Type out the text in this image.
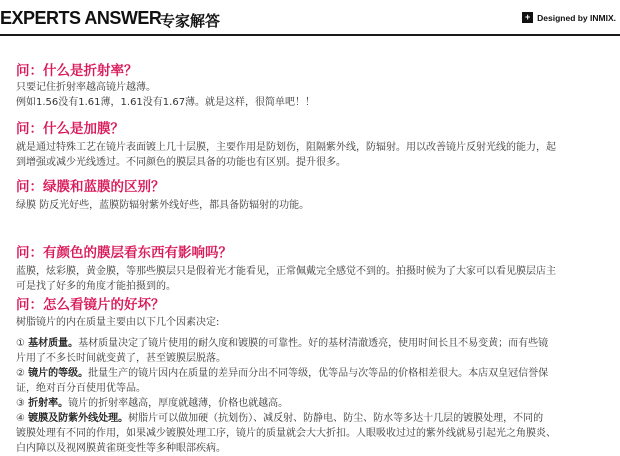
EXPERTS ANSWER
专家解答	+ Designed by INMIX.

问：什么是折射率？

只要记住折射率越高镜片越薄。

例如1.56没有1.61薄，1.61没有1.67薄。就是这样，很简单吧！！

问：什么是加膜？

就是通过特殊工艺在镜片表面镀上几十层膜，主要作用是防划伤，阻隔紫外线，防辐射。用以改善镜片反射光线的能力，起

到增强或减少光线透过。不同颜色的膜层具备的功能也有区别。提升很多。

问：绿膜和蓝膜的区别？

绿膜 防反光好些，蓝膜防辐射紫外线好些，都具备防辐射的功能。

问：有颜色的膜层看东西有影响吗？

蓝膜，炫彩膜，黄金膜，等那些膜层只是假着光才能看见，正常佩戴完全感觉不到的。拍摄时候为了大家可以看见膜层店主

可是找了好多的角度才能拍摄到的。

问：怎么看镜片的好坏？

树脂镜片的内在质量主要由以下几个因素决定:

① 基材质量。基材质量决定了镜片使用的耐久度和镀膜的可靠性。好的基材清澈透亮，使用时间长且不易变黄；而有些镜
片用了不多长时间就变黄了，甚至镀膜层脱落。
② 镜片的等级。批量生产的镜片因内在质量的差异而分出不同等级，优等品与次等品的价格相差很大。本店双皇冠信誉保
证，绝对百分百使用优等品。
③ 折射率。镜片的折射率越高，厚度就越薄，价格也就越高。
④ 镀膜及防紫外线处理。树脂片可以做加硬（抗划伤）、减反射、防静电、防尘、防水等多达十几层的镀膜处理，不同的
镀膜处理有不同的作用，如果减少镀膜处理工序，镜片的质量就会大大折扣。人眼吸收过过的紫外线就易引起光之角膜炎、
白内障以及视网膜黄雀斑变性等多种眼部疾病。
